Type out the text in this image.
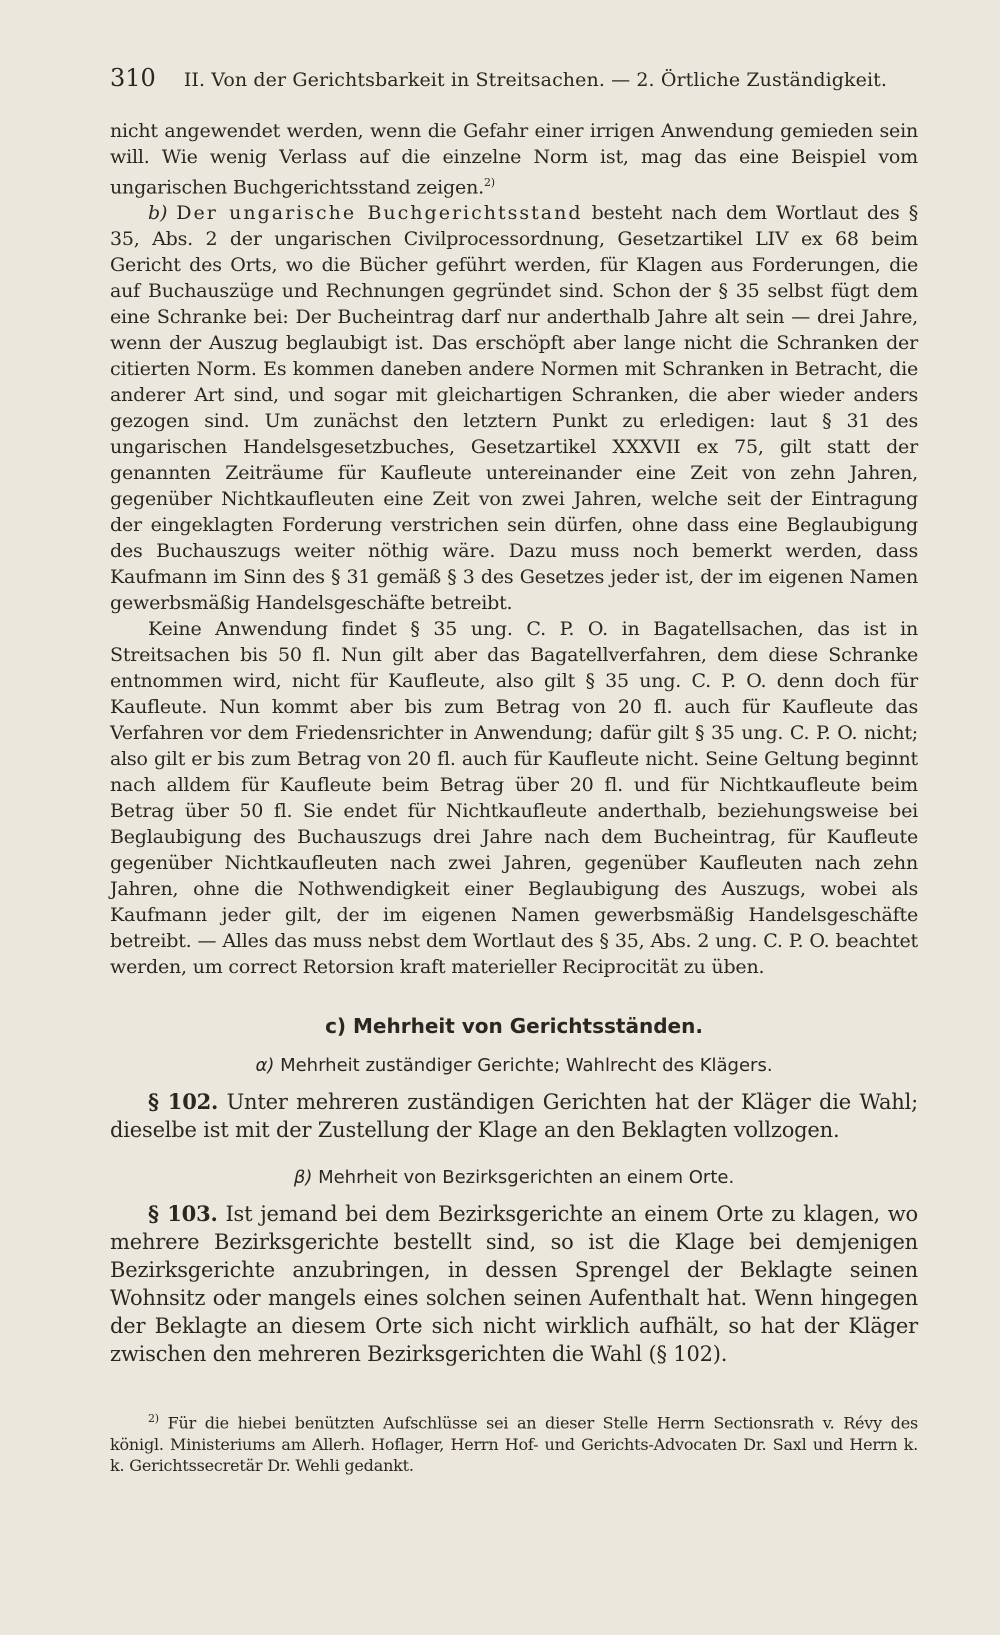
310 II. Von der Gerichtsbarkeit in Streitsachen. — 2. Örtliche Zuständigkeit.

nicht angewendet werden, wenn die Gefahr einer irrigen Anwendung gemieden sein will. Wie wenig Verlass auf die einzelne Norm ist, mag das eine Beispiel vom ungarischen Buchgerichtsstand zeigen.$^{2)}$

b) Der ungarische Buchgerichtsstand besteht nach dem Wortlaut des § 35, Abs. 2 der ungarischen Civilprocessordnung, Gesetzartikel LIV ex 68 beim Gericht des Orts, wo die Bücher geführt werden, für Klagen aus Forderungen, die auf Buchauszüge und Rechnungen gegründet sind. Schon der § 35 selbst fügt dem eine Schranke bei: Der Bucheintrag darf nur anderthalb Jahre alt sein — drei Jahre, wenn der Auszug beglaubigt ist. Das erschöpft aber lange nicht die Schranken der citierten Norm. Es kommen daneben andere Normen mit Schranken in Betracht, die anderer Art sind, und sogar mit gleichartigen Schranken, die aber wieder anders gezogen sind. Um zunächst den letztern Punkt zu erledigen: laut § 31 des ungarischen Handelsgesetzbuches, Gesetzartikel XXXVII ex 75, gilt statt der genannten Zeiträume für Kaufleute untereinander eine Zeit von zehn Jahren, gegenüber Nichtkaufleuten eine Zeit von zwei Jahren, welche seit der Eintragung der eingeklagten Forderung verstrichen sein dürfen, ohne dass eine Beglaubigung des Buchauszugs weiter nöthig wäre. Dazu muss noch bemerkt werden, dass Kaufmann im Sinn des § 31 gemäß § 3 des Gesetzes jeder ist, der im eigenen Namen gewerbsmäßig Handelsgeschäfte betreibt.

Keine Anwendung findet § 35 ung. C. P. O. in Bagatellsachen, das ist in Streitsachen bis 50 fl. Nun gilt aber das Bagatellverfahren, dem diese Schranke entnommen wird, nicht für Kaufleute, also gilt § 35 ung. C. P. O. denn doch für Kaufleute. Nun kommt aber bis zum Betrag von 20 fl. auch für Kaufleute das Verfahren vor dem Friedensrichter in Anwendung; dafür gilt § 35 ung. C. P. O. nicht; also gilt er bis zum Betrag von 20 fl. auch für Kaufleute nicht. Seine Geltung beginnt nach alldem für Kaufleute beim Betrag über 20 fl. und für Nichtkaufleute beim Betrag über 50 fl. Sie endet für Nichtkaufleute anderthalb, beziehungsweise bei Beglaubigung des Buchauszugs drei Jahre nach dem Bucheintrag, für Kaufleute gegenüber Nichtkaufleuten nach zwei Jahren, gegenüber Kaufleuten nach zehn Jahren, ohne die Nothwendigkeit einer Beglaubigung des Auszugs, wobei als Kaufmann jeder gilt, der im eigenen Namen gewerbsmäßig Handelsgeschäfte betreibt. — Alles das muss nebst dem Wortlaut des § 35, Abs. 2 ung. C. P. O. beachtet werden, um correct Retorsion kraft materieller Reciprocität zu üben.

c) Mehrheit von Gerichtsständen.
α) Mehrheit zuständiger Gerichte; Wahlrecht des Klägers.

§ 102. Unter mehreren zuständigen Gerichten hat der Kläger die Wahl; dieselbe ist mit der Zustellung der Klage an den Beklagten vollzogen.

β) Mehrheit von Bezirksgerichten an einem Orte.

§ 103. Ist jemand bei dem Bezirksgerichte an einem Orte zu klagen, wo mehrere Bezirksgerichte bestellt sind, so ist die Klage bei demjenigen Bezirksgerichte anzubringen, in dessen Sprengel der Beklagte seinen Wohnsitz oder mangels eines solchen seinen Aufenthalt hat. Wenn hingegen der Beklagte an diesem Orte sich nicht wirklich aufhält, so hat der Kläger zwischen den mehreren Bezirksgerichten die Wahl (§ 102).

$^{2)}$ Für die hiebei benützten Aufschlüsse sei an dieser Stelle Herrn Sectionsrath v. Révy des königl. Ministeriums am Allerh. Hoflager, Herrn Hof- und Gerichts-Advocaten Dr. Saxl und Herrn k. k. Gerichtssecretär Dr. Wehli gedankt.
